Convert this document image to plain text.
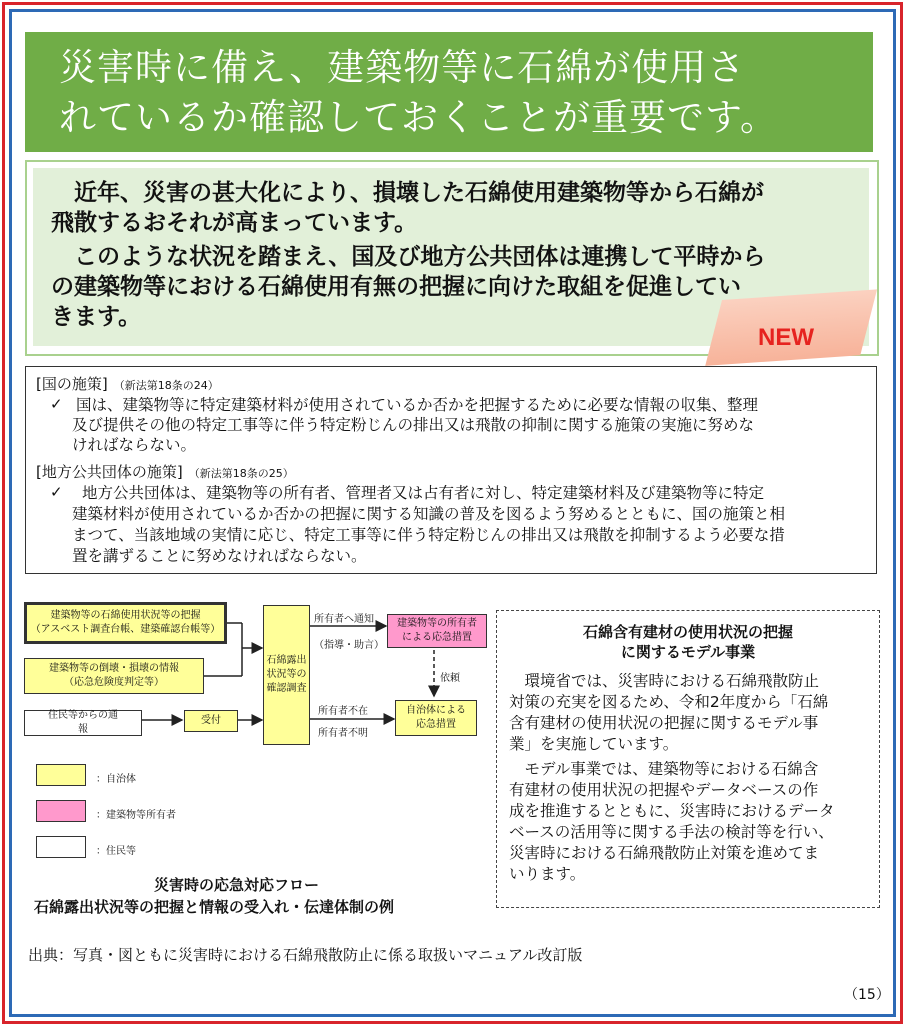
災害時に備え、建築物等に石綿が使用さ
れているか確認しておくことが重要です。
　近年、災害の甚大化により、損壊した石綿使用建築物等から石綿が
飛散するおそれが高まっています。
　このような状況を踏まえ、国及び地方公共団体は連携して平時から
の建築物等における石綿使用有無の把握に向けた取組を促進してい
きます。
NEW
[国の施策] （新法第18条の24）
✓ 国は、建築物等に特定建築材料が使用されているか否かを把握するために必要な情報の収集、整理
及び提供その他の特定工事等に伴う特定粉じんの排出又は飛散の抑制に関する施策の実施に努めな
ければならない。
[地方公共団体の施策] （新法第18条の25）
✓ 地方公共団体は、建築物等の所有者、管理者又は占有者に対し、特定建築材料及び建築物等に特定
建築材料が使用されているか否かの把握に関する知識の普及を図るよう努めるとともに、国の施策と相
まつて、当該地域の実情に応じ、特定工事等に伴う特定粉じんの排出又は飛散を抑制するよう必要な措
置を講ずることに努めなければならない。
建築物等の石綿使用状況等の把握
（アスベスト調査台帳、建築確認台帳等）
建築物等の倒壊・損壊の情報
（応急危険度判定等）
住民等からの通
報
受付
石綿露出
状況等の
確認調査
建築物等の所有者
による応急措置
自治体による
応急措置
所有者へ通知
（指導・助言）
依頼
所有者不在
所有者不明
：自治体
：建築物等所有者
：住民等
災害時の応急対応フロー
石綿露出状況等の把握と情報の受入れ・伝達体制の例
石綿含有建材の使用状況の把握
に関するモデル事業
　環境省では、災害時における石綿飛散防止
対策の充実を図るため、令和2年度から「石綿
含有建材の使用状況の把握に関するモデル事
業」を実施しています。
　モデル事業では、建築物等における石綿含
有建材の使用状況の把握やデータベースの作
成を推進するとともに、災害時におけるデータ
ベースの活用等に関する手法の検討等を行い、
災害時における石綿飛散防止対策を進めてま
いります。
出典：写真・図ともに災害時における石綿飛散防止に係る取扱いマニュアル改訂版
（15）
